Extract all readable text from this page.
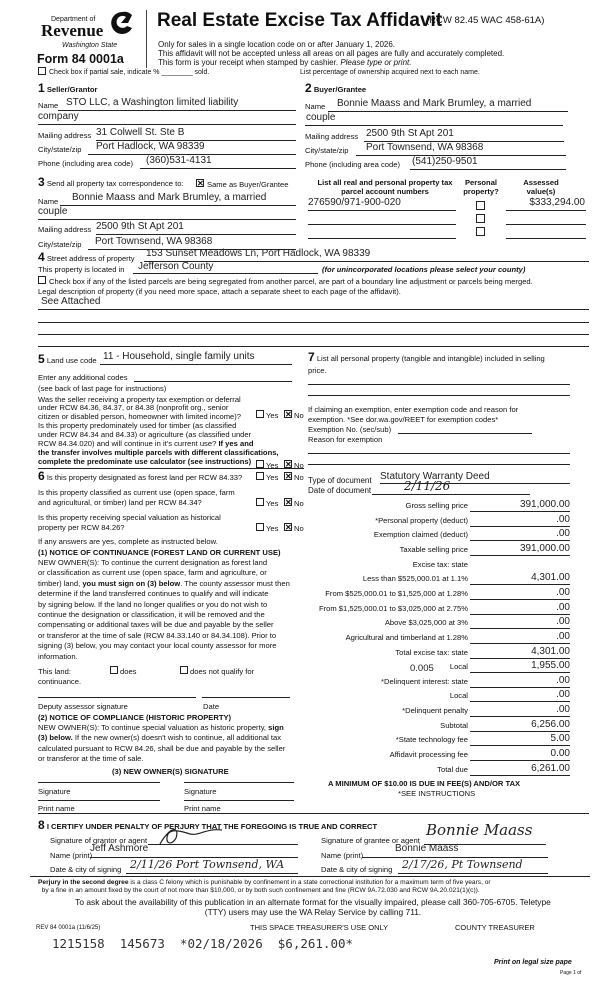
Department of
Revenue
Washington State
Form 84 0001a
Real Estate Excise Tax Affidavit
(RCW 82.45 WAC 458-61A)
Only for sales in a single location code on or after January 1, 2026.
This affidavit will not be accepted unless all areas on all pages are fully and accurately completed.
This form is your receipt when stamped by cashier. Please type or print.
Check box if partial sale, indicate % ________ sold.	List percentage of ownership acquired next to each name.
1 Seller/Grantor
Name STO LLC, a Washington limited liability
company
Mailing address 31 Colwell St. Ste B
City/state/zip Port Hadlock, WA 98339
Phone (including area code) (360)531-4131
2 Buyer/Grantee
Name Bonnie Maass and Mark Brumley, a married
couple
Mailing address 2500 9th St Apt 201
City/state/zip Port Townsend, WA 98368
Phone (including area code) (541)250-9501
3 Send all property tax correspondence to: ✕ Same as Buyer/Grantee
Name Bonnie Maass and Mark Brumley, a married
couple
Mailing address 2500 9th St Apt 201
City/state/zip Port Townsend, WA 98368
List all real and personal property tax
parcel account numbers
Personal
property?
Assessed
value(s)
276590/971-900-020	$333,294.00
4 Street address of property 153 Sunset Meadows Ln, Port Hadlock, WA 98339
This property is located in Jefferson County	(for unincorporated locations please select your county)
Check box if any of the listed parcels are being segregated from another parcel, are part of a boundary line adjustment or parcels being merged.
Legal description of property (if you need more space, attach a separate sheet to each page of the affidavit).
See Attached
5 Land use code 11 - Household, single family units
Enter any additional codes
(see back of last page for instructions)
Was the seller receiving a property tax exemption or deferral
under RCW 84.36, 84.37, or 84.38 (nonprofit org., senior
citizen or disabled person, homeowner with limited income)?
Is this property predominately used for timber (as classified
under RCW 84.34 and 84.33) or agriculture (as classified under
RCW 84.34.020) and will continue in it's current use? If yes and
the transfer involves multiple parcels with different classifications,
complete the predominate use calculator (see instructions)
6 Is this property designated as forest land per RCW 84.33?
Is this property classified as current use (open space, farm
and agricultural, or timber) land per RCW 84.34?
Is this property receiving special valuation as historical
property per RCW 84.26?
If any answers are yes, complete as instructed below.
(1) NOTICE OF CONTINUANCE (FOREST LAND OR CURRENT USE)
NEW OWNER(S): To continue the current designation as forest land
or classification as current use (open space, farm and agriculture, or
timber) land, you must sign on (3) below. The county assessor must then
determine if the land transferred continues to qualify and will indicate
by signing below. If the land no longer qualifies or you do not wish to
continue the designation or classification, it will be removed and the
compensating or additional taxes will be due and payable by the seller
or transferor at the time of sale (RCW 84.33.140 or 84.34.108). Prior to
signing (3) below, you may contact your local county assessor for more
information.
This land:	does	does not qualify for
continuance.
Deputy assessor signature	Date
(2) NOTICE OF COMPLIANCE (HISTORIC PROPERTY)
NEW OWNER(S): To continue special valuation as historic property, sign
(3) below. If the new owner(s) doesn't wish to continue, all additional tax
calculated pursuant to RCW 84.26, shall be due and payable by the seller
or transferor at the time of sale.
(3) NEW OWNER(S) SIGNATURE
Signature	Signature
Print name	Print name
7 List all personal property (tangible and intangible) included in selling
price.
If claiming an exemption, enter exemption code and reason for
exemption. *See dor.wa.gov/REET for exemption codes*
Exemption No. (sec/sub)
Reason for exemption
Type of document Statutory Warranty Deed
Date of document	2/11/26
0.005
A MINIMUM OF $10.00 IS DUE IN FEE(S) AND/OR TAX
*SEE INSTRUCTIONS
8 I CERTIFY UNDER PENALTY OF PERJURY THAT THE FOREGOING IS TRUE AND CORRECT
Signature of grantor or agent
Name (print)
Jeff Ashmore
Date & city of signing 2/11/26 Port Townsend, WA
Signature of grantee or agent
Bonnie Maass
Name (print)
Bonnie Maass
Date & city of signing 2/17/26, Pt Townsend
Perjury in the second degree is a class C felony which is punishable by confinement in a state correctional institution for a maximum term of five years, or
by a fine in an amount fixed by the court of not more than $10,000, or by both such confinement and fine (RCW 9A.72.030 and RCW 9A.20.021(1)(c)).
To ask about the availability of this publication in an alternate format for the visually impaired, please call 360-705-6705. Teletype
(TTY) users may use the WA Relay Service by calling 711.
REV 84 0001a (11/6/25)	THIS SPACE TREASURER'S USE ONLY	COUNTY TREASURER
1215158  145673  *02/18/2026  $6,261.00*
Print on legal size pape
Page 1 of
Yes ✕ No
Yes ✕ No
Yes ✕ No
Yes ✕ No
Yes ✕ No
Gross selling price	391,000.00
*Personal property (deduct)	.00
Exemption claimed (deduct)	.00
Taxable selling price	391,000.00
Excise tax: state
Less than $525,000.01 at 1.1%	4,301.00
From $525,000.01 to $1,525,000 at 1.28%	.00
From $1,525,000.01 to $3,025,000 at 2.75%	.00
Above $3,025,000 at 3%	.00
Agricultural and timberland at 1.28%	.00
Total excise tax: state	4,301.00
Local	1,955.00
*Delinquent interest: state	.00
Local	.00
*Delinquent penalty	.00
Subtotal	6,256.00
*State technology fee	5.00
Affidavit processing fee	0.00
Total due	6,261.00
